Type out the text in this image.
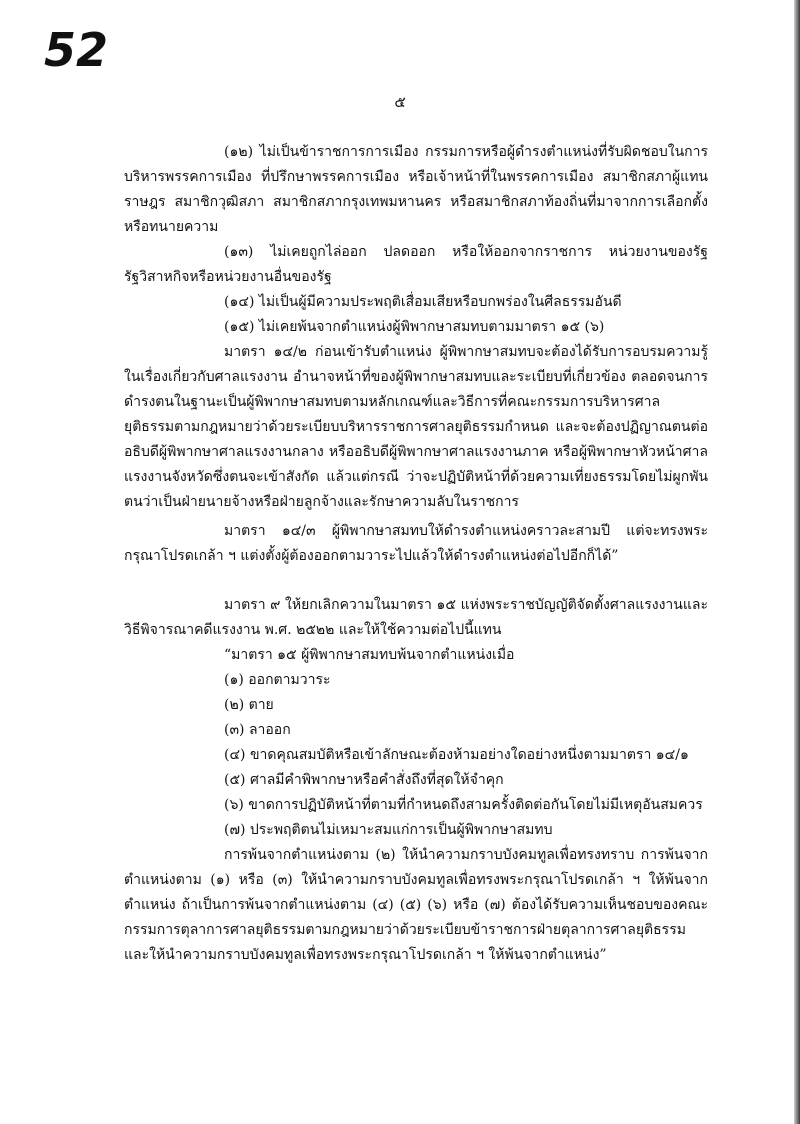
52
๕

(๑๒) ไม่เป็นข้าราชการการเมือง กรรมการหรือผู้ดำรงตำแหน่งที่รับผิดชอบในการบริหารพรรคการเมือง ที่ปรึกษาพรรคการเมือง หรือเจ้าหน้าที่ในพรรคการเมือง สมาชิกสภาผู้แทนราษฎร สมาชิกวุฒิสภา สมาชิกสภากรุงเทพมหานคร หรือสมาชิกสภาท้องถิ่นที่มาจากการเลือกตั้ง หรือทนายความ

(๑๓) ไม่เคยถูกไล่ออก ปลดออก หรือให้ออกจากราชการ หน่วยงานของรัฐ รัฐวิสาหกิจหรือหน่วยงานอื่นของรัฐ

(๑๔) ไม่เป็นผู้มีความประพฤติเสื่อมเสียหรือบกพร่องในศีลธรรมอันดี

(๑๕) ไม่เคยพ้นจากตำแหน่งผู้พิพากษาสมทบตามมาตรา ๑๕ (๖)

มาตรา ๑๔/๒ ก่อนเข้ารับตำแหน่ง ผู้พิพากษาสมทบจะต้องได้รับการอบรมความรู้ในเรื่องเกี่ยวกับศาลแรงงาน อำนาจหน้าที่ของผู้พิพากษาสมทบและระเบียบที่เกี่ยวข้อง ตลอดจนการดำรงตนในฐานะเป็นผู้พิพากษาสมทบตามหลักเกณฑ์และวิธีการที่คณะกรรมการบริหารศาลยุติธรรมตามกฎหมายว่าด้วยระเบียบบริหารราชการศาลยุติธรรมกำหนด และจะต้องปฏิญาณตนต่ออธิบดีผู้พิพากษาศาลแรงงานกลาง หรืออธิบดีผู้พิพากษาศาลแรงงานภาค หรือผู้พิพากษาหัวหน้าศาลแรงงานจังหวัดซึ่งตนจะเข้าสังกัด แล้วแต่กรณี ว่าจะปฏิบัติหน้าที่ด้วยความเที่ยงธรรมโดยไม่ผูกพันตนว่าเป็นฝ่ายนายจ้างหรือฝ่ายลูกจ้างและรักษาความลับในราชการ

มาตรา ๑๔/๓ ผู้พิพากษาสมทบให้ดำรงตำแหน่งคราวละสามปี แต่จะทรงพระกรุณาโปรดเกล้า ฯ แต่งตั้งผู้ต้องออกตามวาระไปแล้วให้ดำรงตำแหน่งต่อไปอีกก็ได้”

มาตรา ๙ ให้ยกเลิกความในมาตรา ๑๕ แห่งพระราชบัญญัติจัดตั้งศาลแรงงานและวิธีพิจารณาคดีแรงงาน พ.ศ. ๒๕๒๒ และให้ใช้ความต่อไปนี้แทน

“มาตรา ๑๕ ผู้พิพากษาสมทบพ้นจากตำแหน่งเมื่อ

(๑) ออกตามวาระ

(๒) ตาย

(๓) ลาออก

(๔) ขาดคุณสมบัติหรือเข้าลักษณะต้องห้ามอย่างใดอย่างหนึ่งตามมาตรา ๑๔/๑

(๕) ศาลมีคำพิพากษาหรือคำสั่งถึงที่สุดให้จำคุก

(๖) ขาดการปฏิบัติหน้าที่ตามที่กำหนดถึงสามครั้งติดต่อกันโดยไม่มีเหตุอันสมควร

(๗) ประพฤติตนไม่เหมาะสมแก่การเป็นผู้พิพากษาสมทบ

การพ้นจากตำแหน่งตาม (๒) ให้นำความกราบบังคมทูลเพื่อทรงทราบ การพ้นจากตำแหน่งตาม (๑) หรือ (๓) ให้นำความกราบบังคมทูลเพื่อทรงพระกรุณาโปรดเกล้า ฯ ให้พ้นจากตำแหน่ง ถ้าเป็นการพ้นจากตำแหน่งตาม (๔) (๕) (๖) หรือ (๗) ต้องได้รับความเห็นชอบของคณะกรรมการตุลาการศาลยุติธรรมตามกฎหมายว่าด้วยระเบียบข้าราชการฝ่ายตุลาการศาลยุติธรรมและให้นำความกราบบังคมทูลเพื่อทรงพระกรุณาโปรดเกล้า ฯ ให้พ้นจากตำแหน่ง”
